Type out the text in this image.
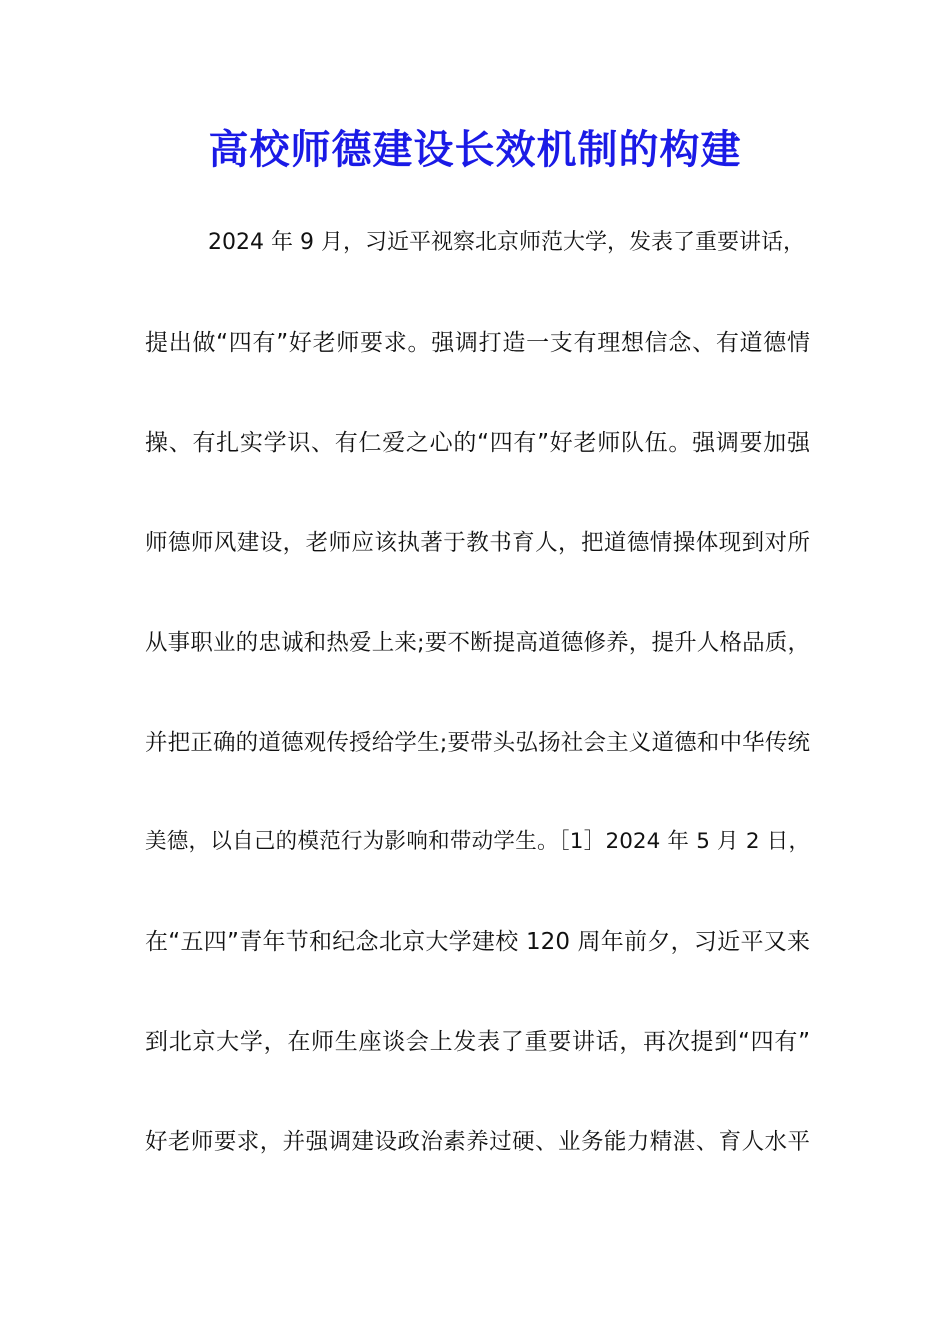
高校师德建设长效机制的构建
2024 年 9 月，习近平视察北京师范大学，发表了重要讲话，
提出做“四有”好老师要求。强调打造一支有理想信念、有道德情
操、有扎实学识、有仁爱之心的“四有”好老师队伍。强调要加强
师德师风建设，老师应该执著于教书育人，把道德情操体现到对所
从事职业的忠诚和热爱上来;要不断提高道德修养，提升人格品质，
并把正确的道德观传授给学生;要带头弘扬社会主义道德和中华传统
美德，以自己的模范行为影响和带动学生。［1］2024 年 5 月 2 日，
在“五四”青年节和纪念北京大学建校 120 周年前夕，习近平又来
到北京大学，在师生座谈会上发表了重要讲话，再次提到“四有”
好老师要求，并强调建设政治素养过硬、业务能力精湛、育人水平
